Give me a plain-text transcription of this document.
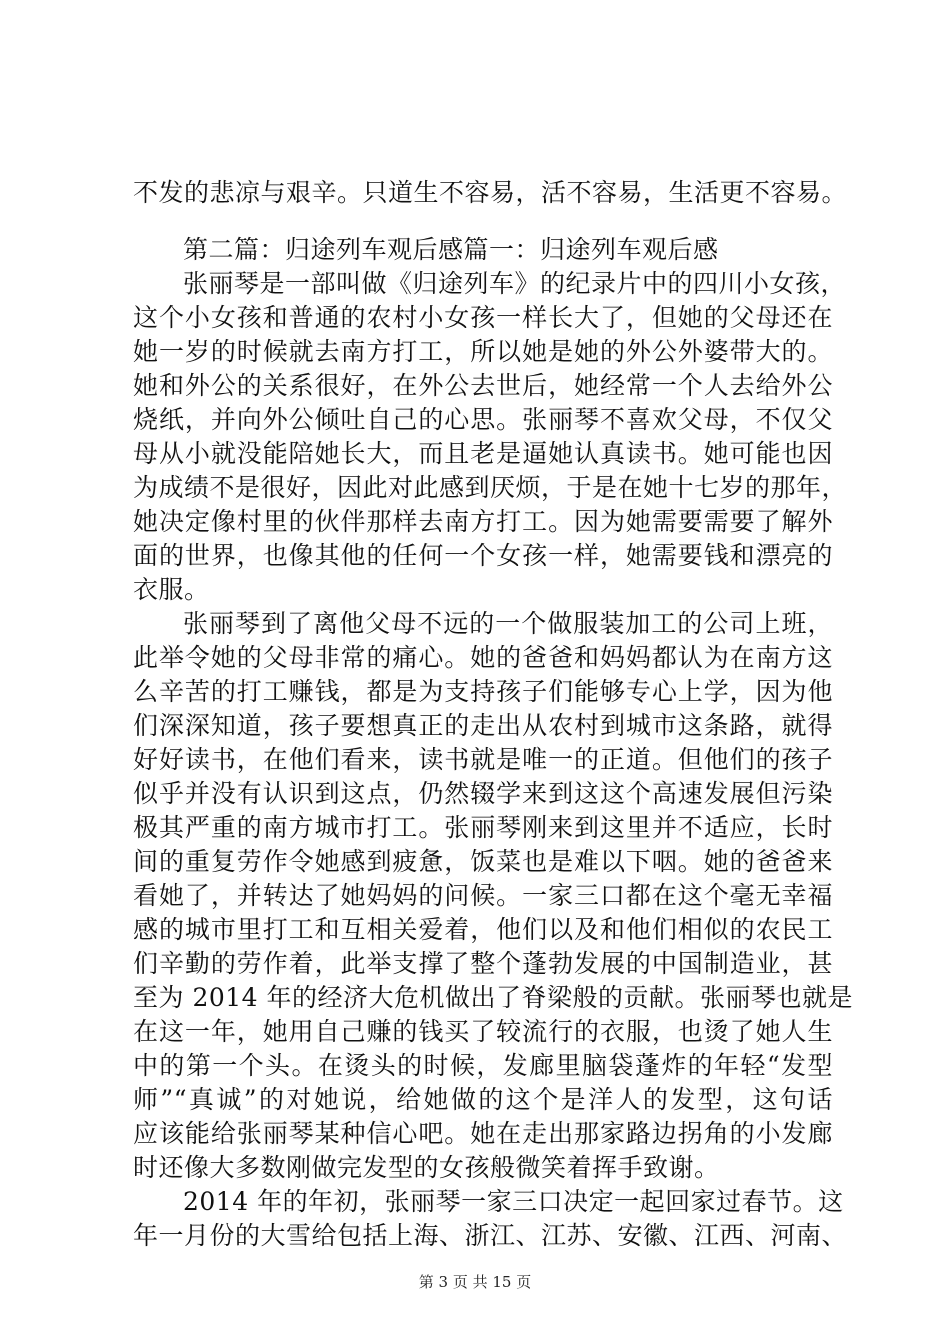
不发的悲凉与艰辛。只道生不容易，活不容易，生活更不容易。
第二篇：归途列车观后感篇一：归途列车观后感
张丽琴是一部叫做《归途列车》的纪录片中的四川小女孩，
这个小女孩和普通的农村小女孩一样长大了，但她的父母还在
她一岁的时候就去南方打工，所以她是她的外公外婆带大的。
她和外公的关系很好，在外公去世后，她经常一个人去给外公
烧纸，并向外公倾吐自己的心思。张丽琴不喜欢父母，不仅父
母从小就没能陪她长大，而且老是逼她认真读书。她可能也因
为成绩不是很好，因此对此感到厌烦，于是在她十七岁的那年，
她决定像村里的伙伴那样去南方打工。因为她需要需要了解外
面的世界，也像其他的任何一个女孩一样，她需要钱和漂亮的
衣服。
张丽琴到了离他父母不远的一个做服装加工的公司上班，
此举令她的父母非常的痛心。她的爸爸和妈妈都认为在南方这
么辛苦的打工赚钱，都是为支持孩子们能够专心上学，因为他
们深深知道，孩子要想真正的走出从农村到城市这条路，就得
好好读书，在他们看来，读书就是唯一的正道。但他们的孩子
似乎并没有认识到这点，仍然辍学来到这这个高速发展但污染
极其严重的南方城市打工。张丽琴刚来到这里并不适应，长时
间的重复劳作令她感到疲惫，饭菜也是难以下咽。她的爸爸来
看她了，并转达了她妈妈的问候。一家三口都在这个毫无幸福
感的城市里打工和互相关爱着，他们以及和他们相似的农民工
们辛勤的劳作着，此举支撑了整个蓬勃发展的中国制造业，甚
至为 2014 年的经济大危机做出了脊梁般的贡献。张丽琴也就是
在这一年，她用自己赚的钱买了较流行的衣服，也烫了她人生
中的第一个头。在烫头的时候，发廊里脑袋蓬炸的年轻“发型
师”“真诚”的对她说，给她做的这个是洋人的发型，这句话
应该能给张丽琴某种信心吧。她在走出那家路边拐角的小发廊
时还像大多数刚做完发型的女孩般微笑着挥手致谢。
2014 年的年初，张丽琴一家三口决定一起回家过春节。这
年一月份的大雪给包括上海、浙江、江苏、安徽、江西、河南、
第 3 页 共 15 页
